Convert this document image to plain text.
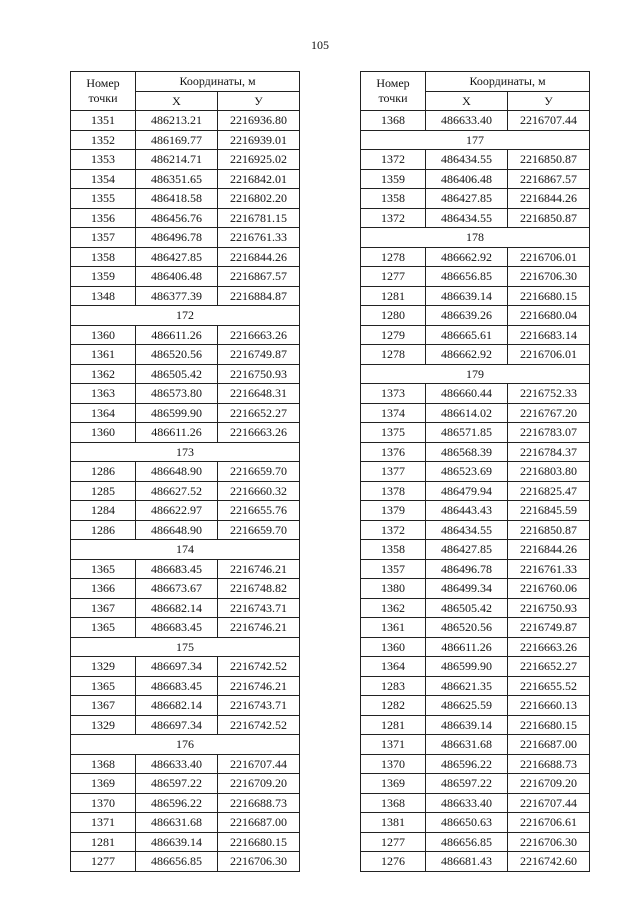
105
Номер точки	Координаты, м	
	X	У
1351	486213.21	2216936.80
1352	486169.77	2216939.01
1353	486214.71	2216925.02
1354	486351.65	2216842.01
1355	486418.58	2216802.20
1356	486456.76	2216781.15
1357	486496.78	2216761.33
1358	486427.85	2216844.26
1359	486406.48	2216867.57
1348	486377.39	2216884.87
172		
1360	486611.26	2216663.26
1361	486520.56	2216749.87
1362	486505.42	2216750.93
1363	486573.80	2216648.31
1364	486599.90	2216652.27
1360	486611.26	2216663.26
173		
1286	486648.90	2216659.70
1285	486627.52	2216660.32
1284	486622.97	2216655.76
1286	486648.90	2216659.70
174		
1365	486683.45	2216746.21
1366	486673.67	2216748.82
1367	486682.14	2216743.71
1365	486683.45	2216746.21
175		
1329	486697.34	2216742.52
1365	486683.45	2216746.21
1367	486682.14	2216743.71
1329	486697.34	2216742.52
176		
1368	486633.40	2216707.44
1369	486597.22	2216709.20
1370	486596.22	2216688.73
1371	486631.68	2216687.00
1281	486639.14	2216680.15
1277	486656.85	2216706.30
Номер точки	Координаты, м	
	X	У
1368	486633.40	2216707.44
177		
1372	486434.55	2216850.87
1359	486406.48	2216867.57
1358	486427.85	2216844.26
1372	486434.55	2216850.87
178		
1278	486662.92	2216706.01
1277	486656.85	2216706.30
1281	486639.14	2216680.15
1280	486639.26	2216680.04
1279	486665.61	2216683.14
1278	486662.92	2216706.01
179		
1373	486660.44	2216752.33
1374	486614.02	2216767.20
1375	486571.85	2216783.07
1376	486568.39	2216784.37
1377	486523.69	2216803.80
1378	486479.94	2216825.47
1379	486443.43	2216845.59
1372	486434.55	2216850.87
1358	486427.85	2216844.26
1357	486496.78	2216761.33
1380	486499.34	2216760.06
1362	486505.42	2216750.93
1361	486520.56	2216749.87
1360	486611.26	2216663.26
1364	486599.90	2216652.27
1283	486621.35	2216655.52
1282	486625.59	2216660.13
1281	486639.14	2216680.15
1371	486631.68	2216687.00
1370	486596.22	2216688.73
1369	486597.22	2216709.20
1368	486633.40	2216707.44
1381	486650.63	2216706.61
1277	486656.85	2216706.30
1276	486681.43	2216742.60
